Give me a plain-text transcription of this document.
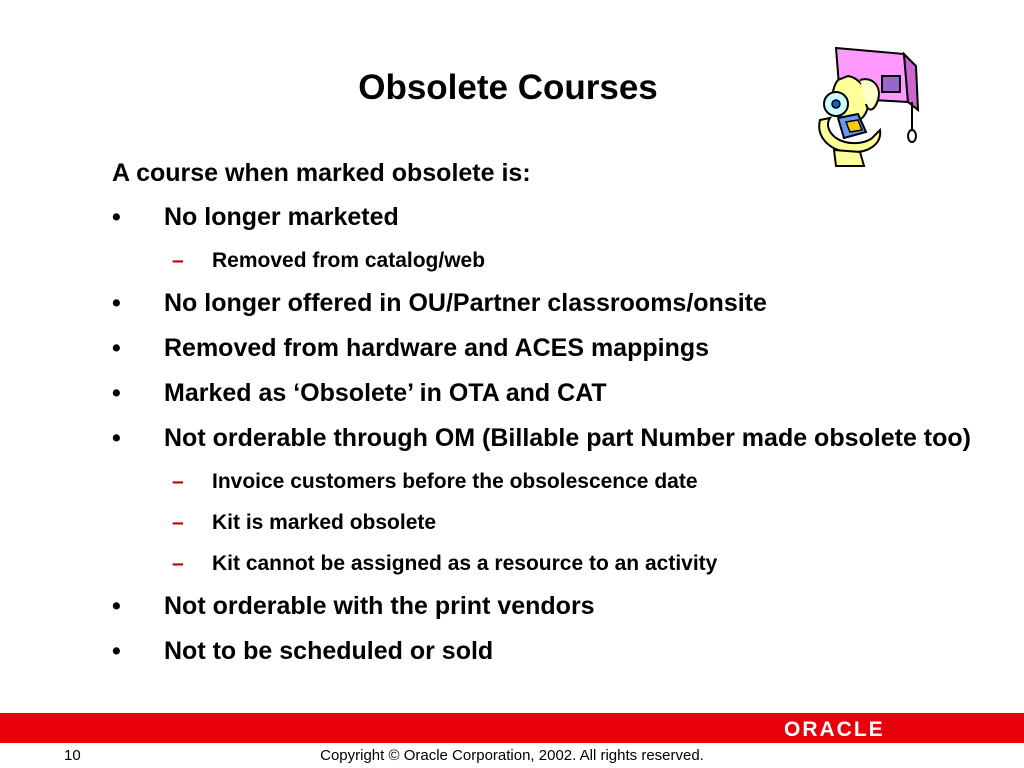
Obsolete Courses
A course when marked obsolete is:
•	No longer marketed
–	Removed from catalog/web
•	No longer offered in OU/Partner classrooms/onsite
•	Removed from hardware and ACES mappings
•	Marked as ‘Obsolete’ in OTA and CAT
•	Not orderable through OM (Billable part Number made obsolete too)
–	Invoice customers before the obsolescence date
–	Kit is marked obsolete
–	Kit cannot be assigned as a resource to an activity
•	Not orderable with the print vendors
•	Not to be scheduled or sold
ORACLE
10	Copyright © Oracle Corporation, 2002. All rights reserved.
